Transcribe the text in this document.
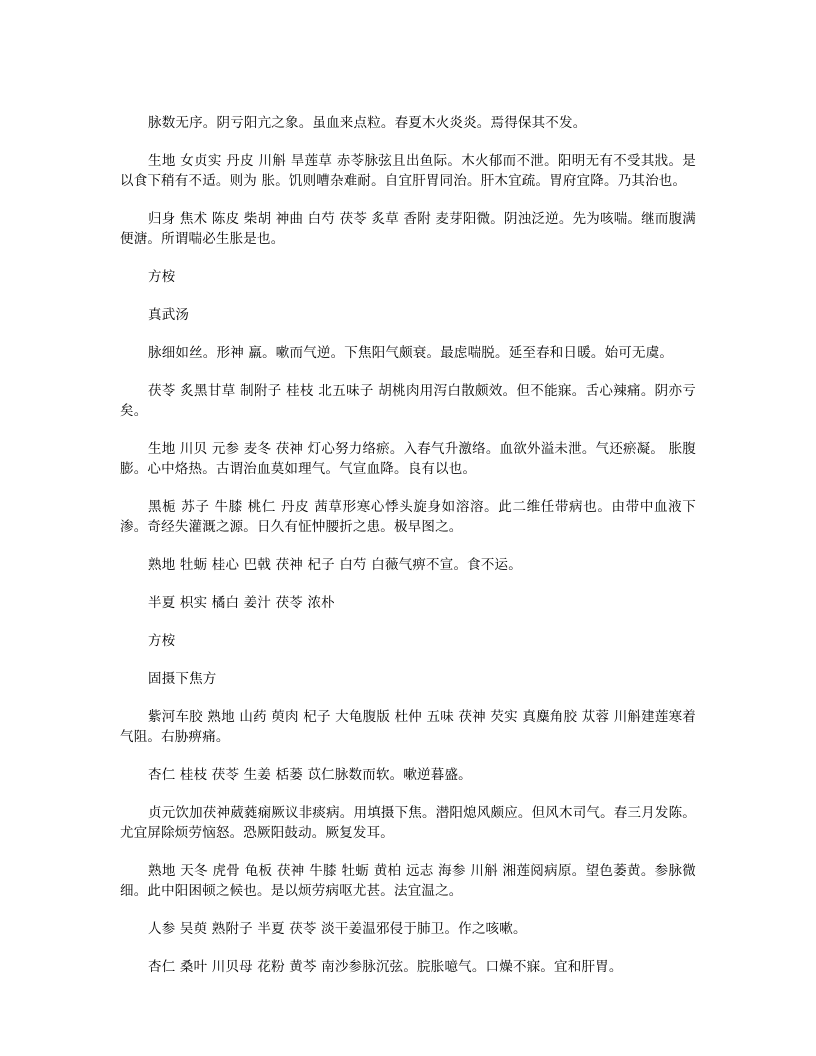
脉数无序。阴亏阳亢之象。虽血来点粒。春夏木火炎炎。焉得保其不发。

生地 女贞实 丹皮 川斛 旱莲草 赤苓脉弦且出鱼际。木火郁而不泄。阳明无有不受其戕。是以食下稍有不适。则为 胀。饥则嘈杂难耐。自宜肝胃同治。肝木宜疏。胃府宜降。乃其治也。

归身 焦术 陈皮 柴胡 神曲 白芍 茯苓 炙草 香附 麦芽阳微。阴浊泛逆。先为咳喘。继而腹满便溏。所谓喘必生胀是也。

方桉

真武汤

脉细如丝。形神 羸。嗽而气逆。下焦阳气颇衰。最虑喘脱。延至春和日暖。始可无虞。

茯苓 炙黑甘草 制附子 桂枝 北五味子 胡桃肉用泻白散颇效。但不能寐。舌心辣痛。阴亦亏矣。

生地 川贝 元参 麦冬 茯神 灯心努力络瘀。入春气升激络。血欲外溢未泄。气还瘀凝。 胀腹膨。心中烙热。古谓治血莫如理气。气宣血降。良有以也。

黑栀 苏子 牛膝 桃仁 丹皮 茜草形寒心悸头旋身如溶溶。此二维任带病也。由带中血液下渗。奇经失灌溉之源。日久有怔忡腰折之患。极早图之。

熟地 牡蛎 桂心 巴戟 茯神 杞子 白芍 白薇气痹不宣。食不运。

半夏 枳实 橘白 姜汁 茯苓 浓朴

方桉

固摄下焦方

紫河车胶 熟地 山药 萸肉 杞子 大龟腹版 杜仲 五味 茯神 芡实 真麋角胶 苁蓉 川斛建莲寒着气阻。右胁痹痛。

杏仁 桂枝 茯苓 生姜 栝蒌 苡仁脉数而软。嗽逆暮盛。

贞元饮加茯神葳蕤痫厥议非痰病。用填摄下焦。潜阳熄风颇应。但风木司气。春三月发陈。尤宜屏除烦劳恼怒。恐厥阳鼓动。厥复发耳。

熟地 天冬 虎骨 龟板 茯神 牛膝 牡蛎 黄柏 远志 海参 川斛 湘莲阅病原。望色萎黄。参脉微细。此中阳困顿之候也。是以烦劳病呕尤甚。法宜温之。

人参 吴萸 熟附子 半夏 茯苓 淡干姜温邪侵于肺卫。作之咳嗽。

杏仁 桑叶 川贝母 花粉 黄芩 南沙参脉沉弦。脘胀噫气。口燥不寐。宜和肝胃。
